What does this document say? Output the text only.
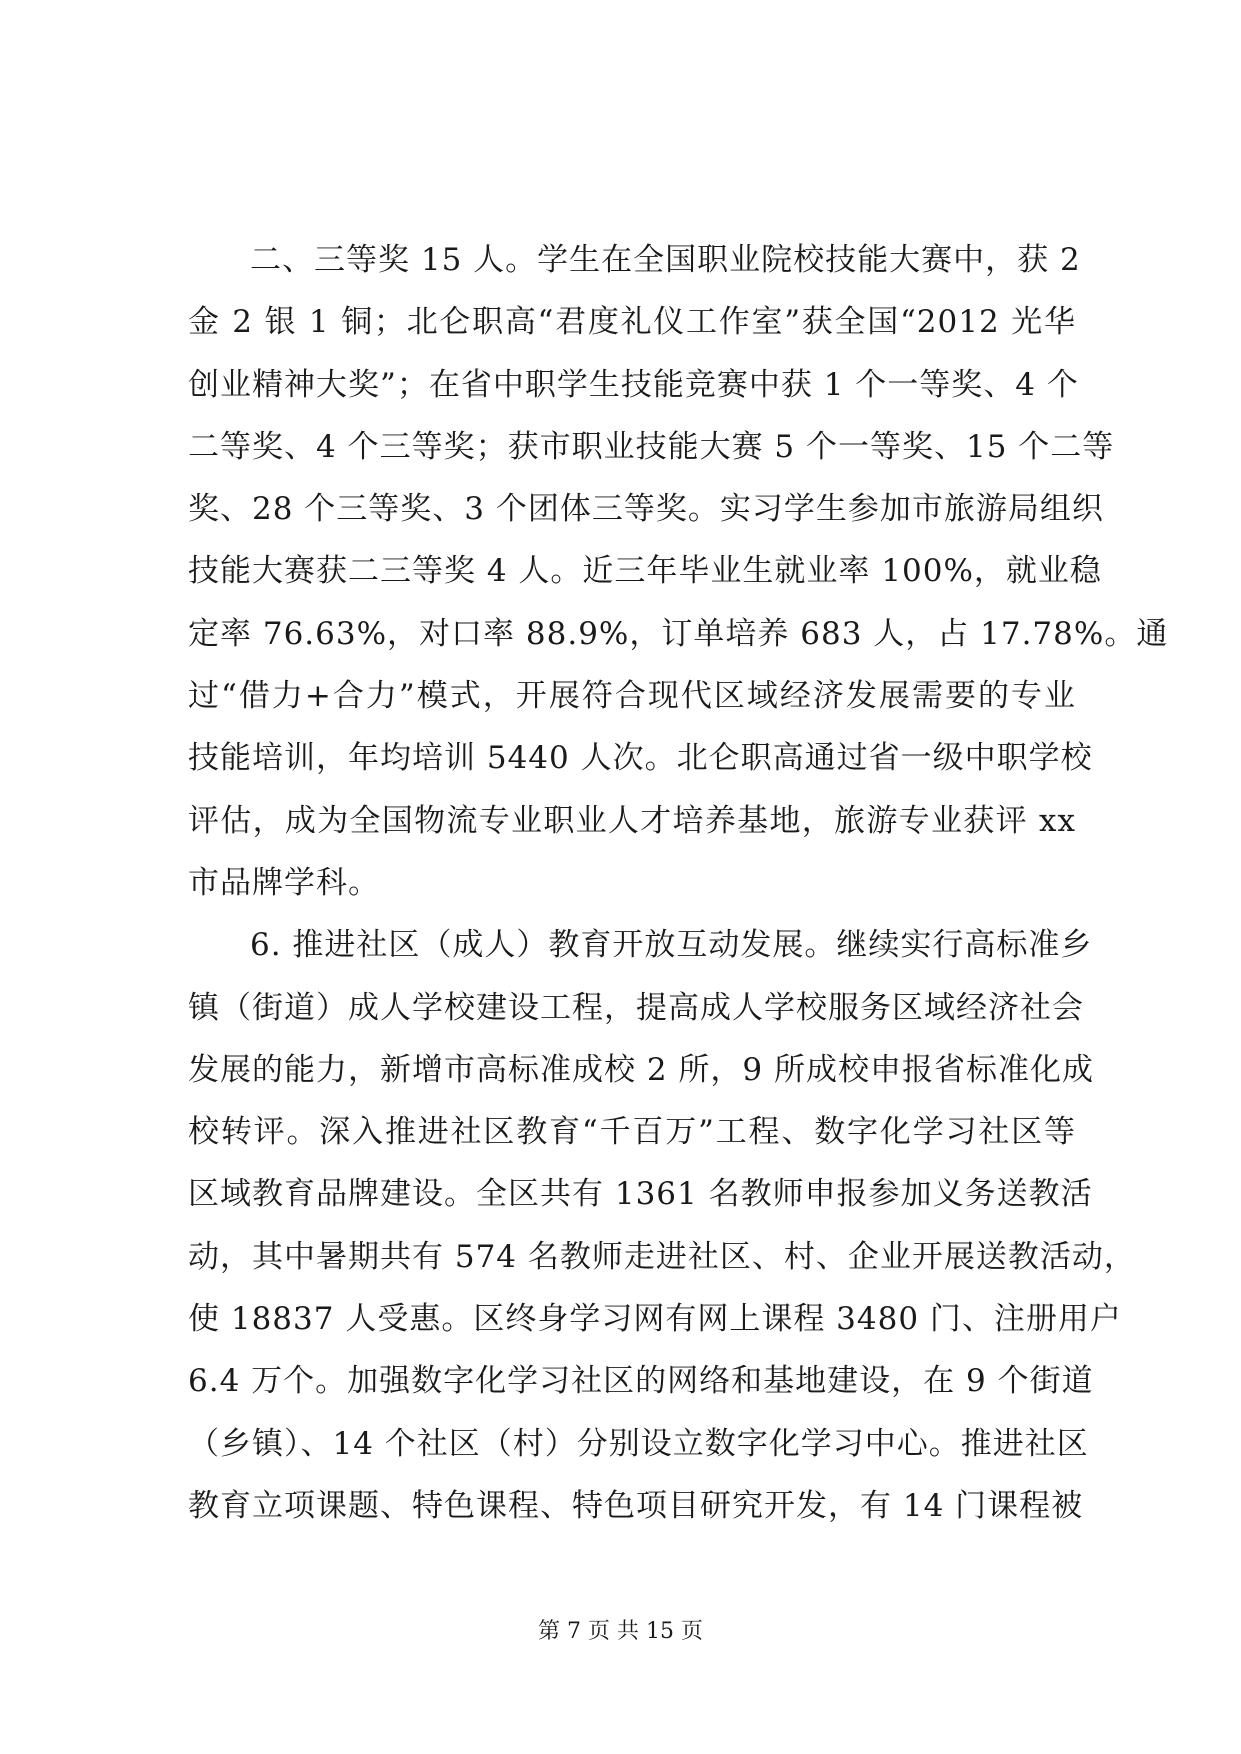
二、三等奖 15 人。学生在全国职业院校技能大赛中，获 2
金 2 银 1 铜；北仑职高“君度礼仪工作室”获全国“2012 光华
创业精神大奖”；在省中职学生技能竞赛中获 1 个一等奖、4 个
二等奖、4 个三等奖；获市职业技能大赛 5 个一等奖、15 个二等
奖、28 个三等奖、3 个团体三等奖。实习学生参加市旅游局组织
技能大赛获二三等奖 4 人。近三年毕业生就业率 100%，就业稳
定率 76.63%，对口率 88.9%，订单培养 683 人，占 17.78%。通
过“借力+合力”模式，开展符合现代区域经济发展需要的专业
技能培训，年均培训 5440 人次。北仑职高通过省一级中职学校
评估，成为全国物流专业职业人才培养基地，旅游专业获评 xx
市品牌学科。
6. 推进社区（成人）教育开放互动发展。继续实行高标准乡
镇（街道）成人学校建设工程，提高成人学校服务区域经济社会
发展的能力，新增市高标准成校 2 所，9 所成校申报省标准化成
校转评。深入推进社区教育“千百万”工程、数字化学习社区等
区域教育品牌建设。全区共有 1361 名教师申报参加义务送教活
动，其中暑期共有 574 名教师走进社区、村、企业开展送教活动，
使 18837 人受惠。区终身学习网有网上课程 3480 门、注册用户
6.4 万个。加强数字化学习社区的网络和基地建设，在 9 个街道
（乡镇）、14 个社区（村）分别设立数字化学习中心。推进社区
教育立项课题、特色课程、特色项目研究开发，有 14 门课程被
第 7 页 共 15 页
